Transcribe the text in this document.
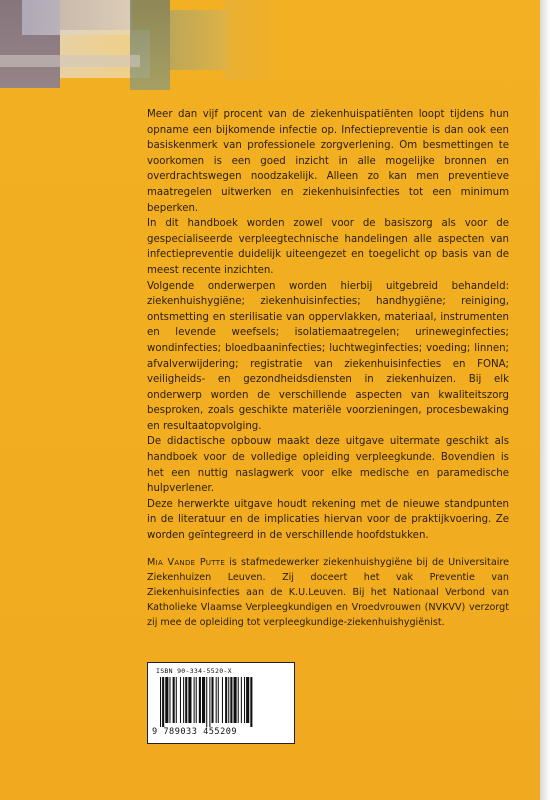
Meer dan vijf procent van de ziekenhuispatiënten loopt tijdens hun opname een bijkomende infectie op. Infectiepreventie is dan ook een basiskenmerk van professionele zorgverlening. Om besmettingen te voorkomen is een goed inzicht in alle mogelijke bronnen en overdrachtswegen noodzakelijk. Alleen zo kan men preventieve maatregelen uitwerken en ziekenhuisinfecties tot een minimum beperken.

In dit handboek worden zowel voor de basiszorg als voor de gespecialiseerde verpleegtechnische handelingen alle aspecten van infectiepreventie duidelijk uiteengezet en toegelicht op basis van de meest recente inzichten.

Volgende onderwerpen worden hierbij uitgebreid behandeld: ziekenhuishygiëne; ziekenhuisinfecties; handhygiëne; reiniging, ontsmetting en sterilisatie van oppervlakken, materiaal, instrumenten en levende weefsels; isolatiemaatregelen; urineweginfecties; wondinfecties; bloedbaaninfecties; luchtweginfecties; voeding; linnen; afvalverwijdering; registratie van ziekenhuisinfecties en FONA; veiligheids- en gezondheidsdiensten in ziekenhuizen. Bij elk onderwerp worden de verschillende aspecten van kwaliteitszorg besproken, zoals geschikte materiële voorzieningen, procesbewaking en resultaatopvolging.

De didactische opbouw maakt deze uitgave uitermate geschikt als handboek voor de volledige opleiding verpleegkunde. Bovendien is het een nuttig naslagwerk voor elke medische en paramedische hulpverlener.

Deze herwerkte uitgave houdt rekening met de nieuwe standpunten in de literatuur en de implicaties hiervan voor de praktijkvoering. Ze worden geïntegreerd in de verschillende hoofdstukken.

Mia Vande Putte is stafmedewerker ziekenhuishygiëne bij de Universitaire Ziekenhuizen Leuven. Zij doceert het vak Preventie van Ziekenhuisinfecties aan de K.U.Leuven. Bij het Nationaal Verbond van Katholieke Vlaamse Verpleegkundigen en Vroedvrouwen (NVKVV) verzorgt zij mee de opleiding tot verpleegkundige-ziekenhuishygiënist.

ISBN 90-334-5520-X
9 789033 455209
